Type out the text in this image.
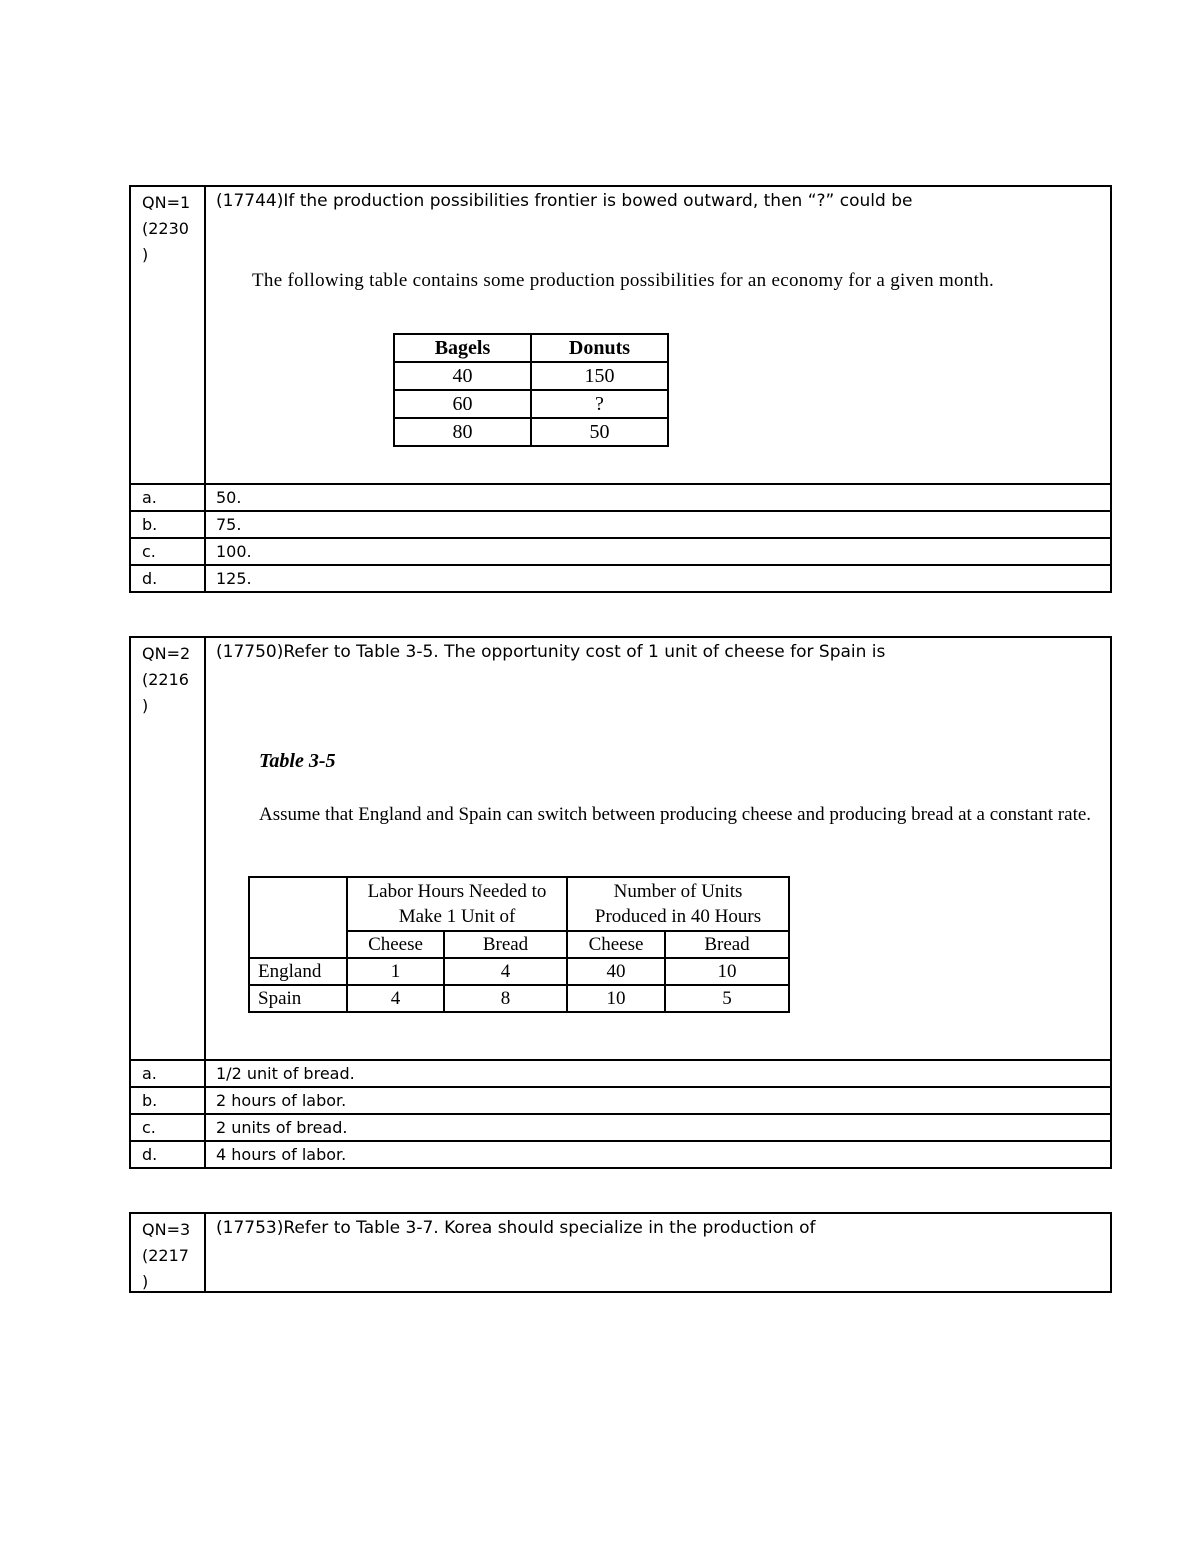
QN=1
(2230
)
(17744)If the production possibilities frontier is bowed outward, then “?” could be
The following table contains some production possibilities for an economy for a given month.
Bagels	Donuts
40	150
60	?
80	50
a.	50.
b.	75.
c.	100.
d.	125.
QN=2
(2216
)
(17750)Refer to Table 3-5. The opportunity cost of 1 unit of cheese for Spain is
Table 3-5
Assume that England and Spain can switch between producing cheese and producing bread at a constant rate.
	Labor Hours Needed to Make 1 Unit of		Number of Units Produced in 40 Hours	
	Cheese	Bread	Cheese	Bread
England	1	4	40	10
Spain	4	8	10	5
a.	1/2 unit of bread.
b.	2 hours of labor.
c.	2 units of bread.
d.	4 hours of labor.
QN=3
(2217
)
(17753)Refer to Table 3-7. Korea should specialize in the production of
